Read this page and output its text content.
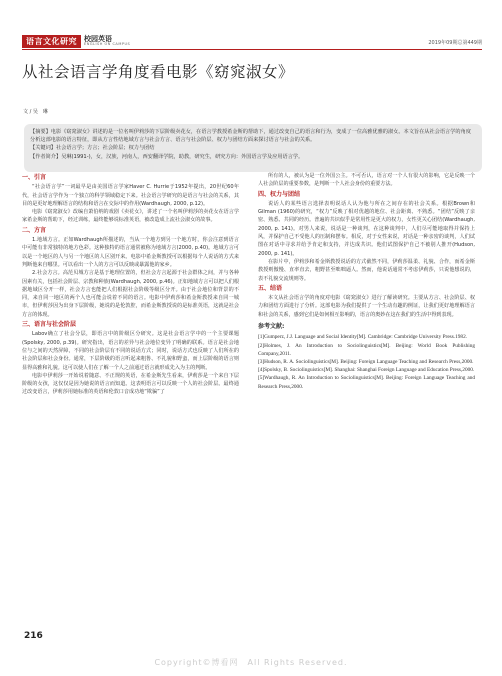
语言文化研究	校园英语
ENGLISH ON CAMPUS	2019年09期总第449期
从社会语言学角度看电影《窈窕淑女》
文 / 吴　琳

【摘要】电影《窈窕淑女》讲述的是一位名叫伊莉莎的下层阶级卖花女，在语言学教授希金斯的帮助下，通过改变自己的语言和行为，变成了一位高雅优雅的淑女。本文旨在从社会语言学的角度分析这部电影的语言特征，即从方言性结地域方言与社会方言、语言与社会阶层、权力与团结方面来探讨语言与社会的关系。

【关键词】社会语言学；方言；社会阶层；权力与团结

【作者简介】吴琳(1991-)，女，汉族，河南人，西安翻译学院，助教，研究生，研究方向：外国语言学及应用语言学。

一、引言

“社会语言学”一词最早是由美国语言学家Haver C. Hurrie于1952年提出，20世纪60年代，社会语言学作为一个独立的科学领域稳定下来。社会语言学研究的是语言与社会的关系，其目的是更好地理解语言的结构和语言在交际中的作用(Wardhaugh, 2000, p.12)。

电影《窈窕淑女》改编自萧伯纳的戏剧《卖花女》，讲述了一个名叫伊莉莎的卖花女在语言学家希金斯的帮助下，经过训练，最终能够说标准英语，被改造成上流社会淑女的故事。

二、方言

1.地域方言。正如Wardhaugh所描述的，当从一个地方到另一个地方时，你会注意到语言中可能有非常独特的地方色彩。这种独特的语言通常被称为地域方言(2000, p.40)。地域方言可以是一个地区的人与另一个地区的人区别开来。电影中希金斯教授可以根据每个人说话的方式来判断他来自哪里。可以看出一个人的方言可以反映或暴露他的家乡。

2.社会方言。高范贝城方言是基于地理位置的，但社会方言起源于社会群体之间，并与各种因素有关，包括社会阶层、宗教和种族(Wardhaugh, 2000, p.46)。正如地域方言可以把人们根据地域区分开一样，社会方言也能把人们根据社会阶级等级区分开。由于社会地位和背景的不同，来自同一地区的两个人也可能会说着不同的语言。电影中伊莉莎和希金斯教授来自同一城市，但伊莉莎因为出身下层阶级，她说的是伦敦腔，而希金斯教授说的是标准英语，这就是社会方言的体现。

三、语言与社会阶层

Labov确立了社会分层，即语言中的阶级区分研究。这是社会语言学中的一个主要课题(Spolsky, 2000, p.39)。研究指出，语言的差异与社会地位变异了明确的联系。语言是社会地位与之间的天然屏障，不同的社会阶层有不同的说话方式；同时，说话方式也反映了人们所在的社会阶层和社会身份。通常，下层阶级的语言听起来粗鲁、不礼貌和野蛮，而上层阶级的语言则显得高雅和礼貌。这可以使人们在了解一个人之前通过语言就形成先入为主的判断。

电影中伊莉莎一开始说着随意、不正规的英语，在希金斯先生看来，伊莉莎是一个来自下层阶级的女孩，这仅仅是因为她说的语言而知道。这表明语言可以反映一个人的社会阶层。最终通过改变语言，伊莉莎用她标准的英语和伦敦口音成功地“欺骗”了

所有的人，被认为是一位外国公主。不可否认，语言对一个人有很大的影响，它是反映一个人社会阶层的重要参数，是判断一个人社会身份的重要方法。

四、权力与团结

说话人的某些语言选择表明说话人认为他与所在之间存在的社会关系。根据Brown和Gilman (1960)的研究，“权力”反映了相对优越的地位、社会距离、不熟悉。“团结”反映了亲密、熟悉、共同的经历。普遍的共识似乎是常用性是更大的权力，女性更关心团结(Wardhaugh, 2000, p. 141)。对男人来说，说话是一种谈判，在这种谈判中，人们尽可能地取得并保持上风，并保护自己不受他人的压制和摆布。相反，对于女性来说，对话是一种亲密的谈判，人们试图在对话中寻求并给予肯定和支持，并达成共识。他们试图保护自己不被别人推开(Hudson, 2000, p. 141)。

在影片中，伊莉莎和希金斯教授说话的方式截然不同，伊莉莎温柔、礼貌、合作，而希金斯教授则傲慢、直率直去，粗野甚至咄咄逼人。然而，他说话通常不考虑伊莉莎，只说他想说的，表不礼貌交流规则等。

五、结语

本文从社会语言学的角度对电影《窈窕淑女》进行了解读研究。主要从方言、社会阶层、权力和团结方面进行了分析。这部电影为我们提供了一个生动有趣的例证，让我们更好地理解语言和社会的关系，感到它们是如何相互影响的，语言的奥妙在这在我们的生活中得到表现。

参考文献:

[1]Gumperz, J.J. Language and Social Identity[M]. Cambridge: Cambridge University Press.1982.

[2]Holmes, J. An Introduction to Sociolinguistics[M]. Beijing: World Book Publishing Company,2011.

[3]Hudson, R. A. Sociolinguistics[M]. Beijing: Foreign Language Teaching and Research Press,2000.

[4]Spolsky, B. Sociolinguistics[M]. Shanghai: Shanghai Foreign Language and Education Press,2000.

[5]Wardhaugh, R. An Introduction to Sociolinguistics[M]. Beijing: Foreign Language Teaching and Research Press,2000.

216
Copyright©博看网　All Rights Reserved.
